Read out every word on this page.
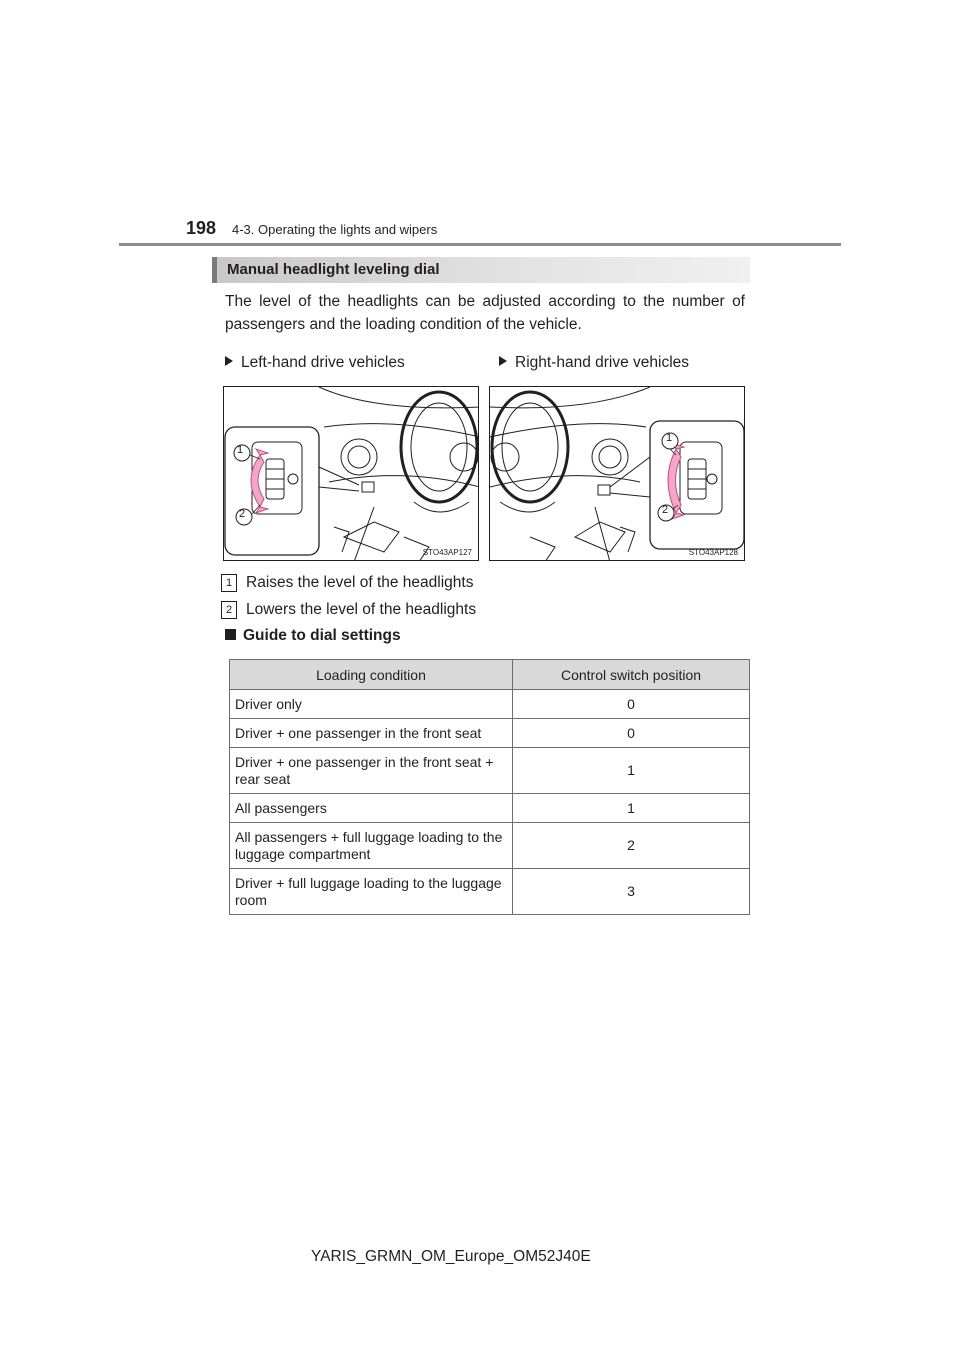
198 4-3. Operating the lights and wipers
Manual headlight leveling dial
The level of the headlights can be adjusted according to the number of passengers and the loading condition of the vehicle.
Left-hand drive vehicles	Right-hand drive vehicles
1
2
STO43AP127
1
2
STO43AP128
1 Raises the level of the headlights
2 Lowers the level of the headlights
Guide to dial settings
Loading condition	Control switch position
Driver only	0
Driver + one passenger in the front seat	0
Driver + one passenger in the front seat + rear seat	1
All passengers	1
All passengers + full luggage loading to the luggage compartment	2
Driver + full luggage loading to the luggage room	3
YARIS_GRMN_OM_Europe_OM52J40E
